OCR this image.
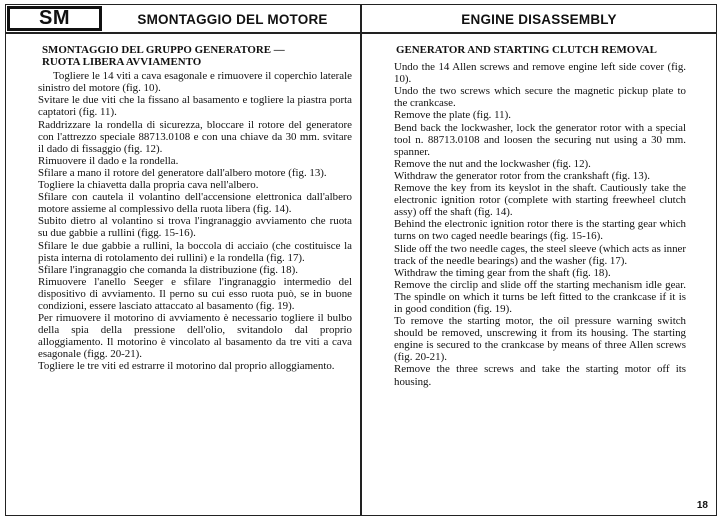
SM	SMONTAGGIO DEL MOTORE	ENGINE DISASSEMBLY
SMONTAGGIO DEL GRUPPO GENERATORE —
RUOTA LIBERA AVVIAMENTO

Togliere le 14 viti a cava esagonale e rimuovere il coperchio laterale sinistro del motore (fig. 10).

Svitare le due viti che la fissano al basamento e togliere la piastra porta captatori (fig. 11).

Raddrizzare la rondella di sicurezza, bloccare il rotore del generatore con l'attrezzo speciale 88713.0108 e con una chiave da 30 mm. svitare il dado di fissaggio (fig. 12).

Rimuovere il dado e la rondella.

Sfilare a mano il rotore del generatore dall'albero motore (fig. 13).

Togliere la chiavetta dalla propria cava nell'albero.

Sfilare con cautela il volantino dell'accensione elettronica dall'albero motore assieme al complessivo della ruota libera (fig. 14).

Subito dietro al volantino si trova l'ingranaggio avviamento che ruota su due gabbie a rullini (figg. 15-16).

Sfilare le due gabbie a rullini, la boccola di acciaio (che costituisce la pista interna di rotolamento dei rullini) e la rondella (fig. 17).

Sfilare l'ingranaggio che comanda la distribuzione (fig. 18).

Rimuovere l'anello Seeger e sfilare l'ingranaggio intermedio del dispositivo di avviamento. Il perno su cui esso ruota può, se in buone condizioni, essere lasciato attaccato al basamento (fig. 19).

Per rimuovere il motorino di avviamento è necessario togliere il bulbo della spia della pressione dell'olio, svitandolo dal proprio alloggiamento. Il motorino è vincolato al basamento da tre viti a cava esagonale (figg. 20-21).

Togliere le tre viti ed estrarre il motorino dal proprio alloggiamento.

GENERATOR AND STARTING CLUTCH REMOVAL

Undo the 14 Allen screws and remove engine left side cover (fig. 10).

Undo the two screws which secure the magnetic pickup plate to the crankcase.

Remove the plate (fig. 11).

Bend back the lockwasher, lock the generator rotor with a special tool n. 88713.0108 and loosen the securing nut using a 30 mm. spanner.

Remove the nut and the lockwasher (fig. 12).

Withdraw the generator rotor from the crankshaft (fig. 13).

Remove the key from its keyslot in the shaft. Cautiously take the electronic ignition rotor (complete with starting freewheel clutch assy) off the shaft (fig. 14).

Behind the electronic ignition rotor there is the starting gear which turns on two caged needle bearings (fig. 15-16).

Slide off the two needle cages, the steel sleeve (which acts as inner track of the needle bearings) and the washer (fig. 17).

Withdraw the timing gear from the shaft (fig. 18).

Remove the circlip and slide off the starting mechanism idle gear. The spindle on which it turns be left fitted to the crankcase if it is in good condition (fig. 19).

To remove the starting motor, the oil pressure warning switch should be removed, unscrewing it from its housing. The starting engine is secured to the crankcase by means of three Allen screws (fig. 20-21).

Remove the three screws and take the starting motor off its housing.

18
